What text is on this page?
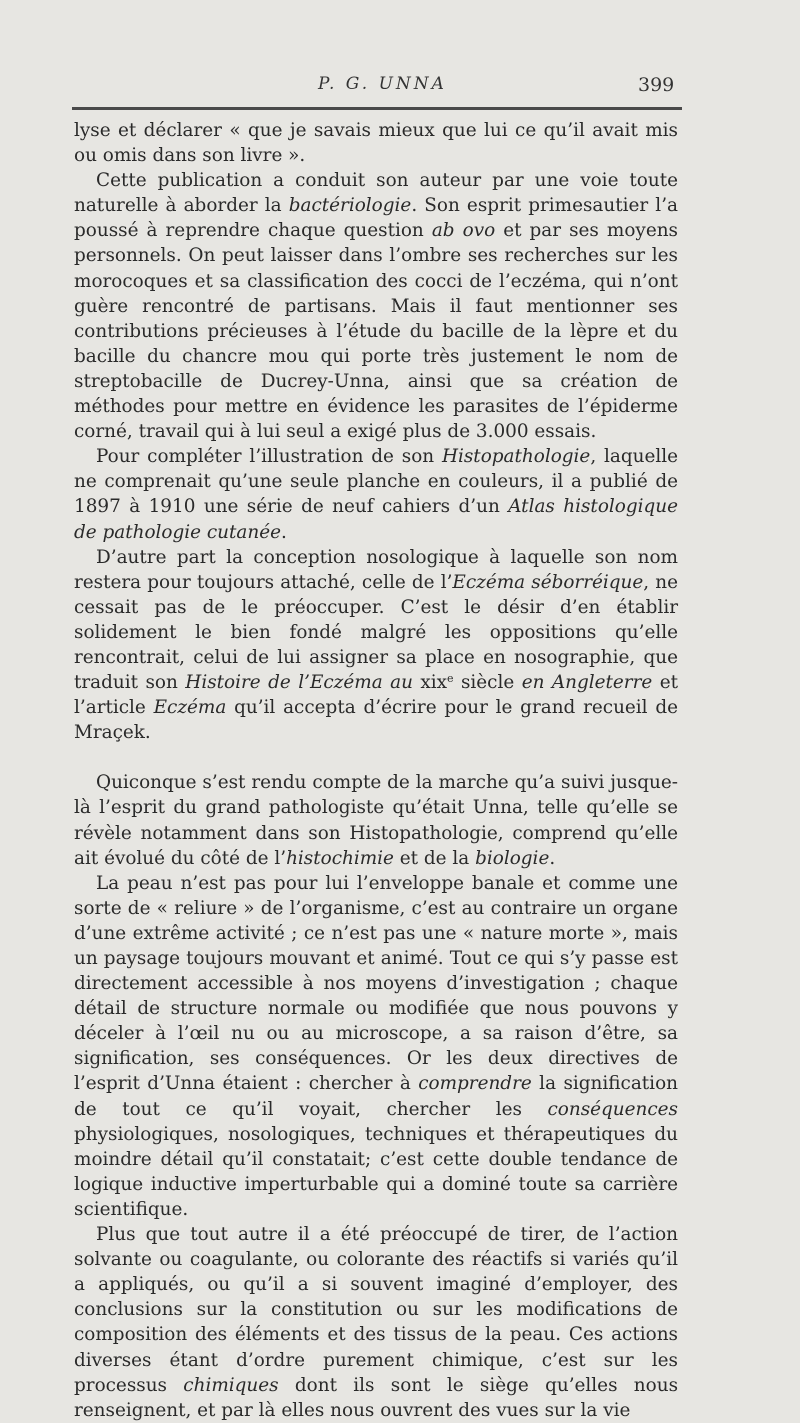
P. G. UNNA	399

lyse et déclarer « que je savais mieux que lui ce qu’il avait mis ou omis dans son livre ».

Cette publication a conduit son auteur par une voie toute naturelle à aborder la bactériologie. Son esprit primesautier l’a poussé à reprendre chaque question ab ovo et par ses moyens personnels. On peut laisser dans l’ombre ses recherches sur les morocoques et sa classification des cocci de l’eczéma, qui n’ont guère rencontré de partisans. Mais il faut mentionner ses contributions précieuses à l’étude du bacille de la lèpre et du bacille du chancre mou qui porte très justement le nom de streptobacille de Ducrey-Unna, ainsi que sa création de méthodes pour mettre en évidence les parasites de l’épiderme corné, travail qui à lui seul a exigé plus de 3.000 essais.

Pour compléter l’illustration de son Histopathologie, laquelle ne comprenait qu’une seule planche en couleurs, il a publié de 1897 à 1910 une série de neuf cahiers d’un Atlas histologique de pathologie cutanée.

D’autre part la conception nosologique à laquelle son nom restera pour toujours attaché, celle de l’Eczéma séborréique, ne cessait pas de le préoccuper. C’est le désir d’en établir solidement le bien fondé malgré les oppositions qu’elle rencontrait, celui de lui assigner sa place en nosographie, que traduit son Histoire de l’Eczéma au xix$^e$ siècle en Angleterre et l’article Eczéma qu’il accepta d’écrire pour le grand recueil de Mraçek.

Quiconque s’est rendu compte de la marche qu’a suivi jusque-là l’esprit du grand pathologiste qu’était Unna, telle qu’elle se révèle notamment dans son Histopathologie, comprend qu’elle ait évolué du côté de l’histochimie et de la biologie.

La peau n’est pas pour lui l’enveloppe banale et comme une sorte de « reliure » de l’organisme, c’est au contraire un organe d’une extrême activité ; ce n’est pas une « nature morte », mais un paysage toujours mouvant et animé. Tout ce qui s’y passe est directement accessible à nos moyens d’investigation ; chaque détail de structure normale ou modifiée que nous pouvons y déceler à l’œil nu ou au microscope, a sa raison d’être, sa signification, ses conséquences. Or les deux directives de l’esprit d’Unna étaient : chercher à comprendre la signification de tout ce qu’il voyait, chercher les conséquences physiologiques, nosologiques, techniques et thérapeutiques du moindre détail qu’il constatait; c’est cette double tendance de logique inductive imperturbable qui a dominé toute sa carrière scientifique.

Plus que tout autre il a été préoccupé de tirer, de l’action solvante ou coagulante, ou colorante des réactifs si variés qu’il a appliqués, ou qu’il a si souvent imaginé d’employer, des conclusions sur la constitution ou sur les modifications de composition des éléments et des tissus de la peau. Ces actions diverses étant d’ordre purement chimique, c’est sur les processus chimiques dont ils sont le siège qu’elles nous renseignent, et par là elles nous ouvrent des vues sur la vie
